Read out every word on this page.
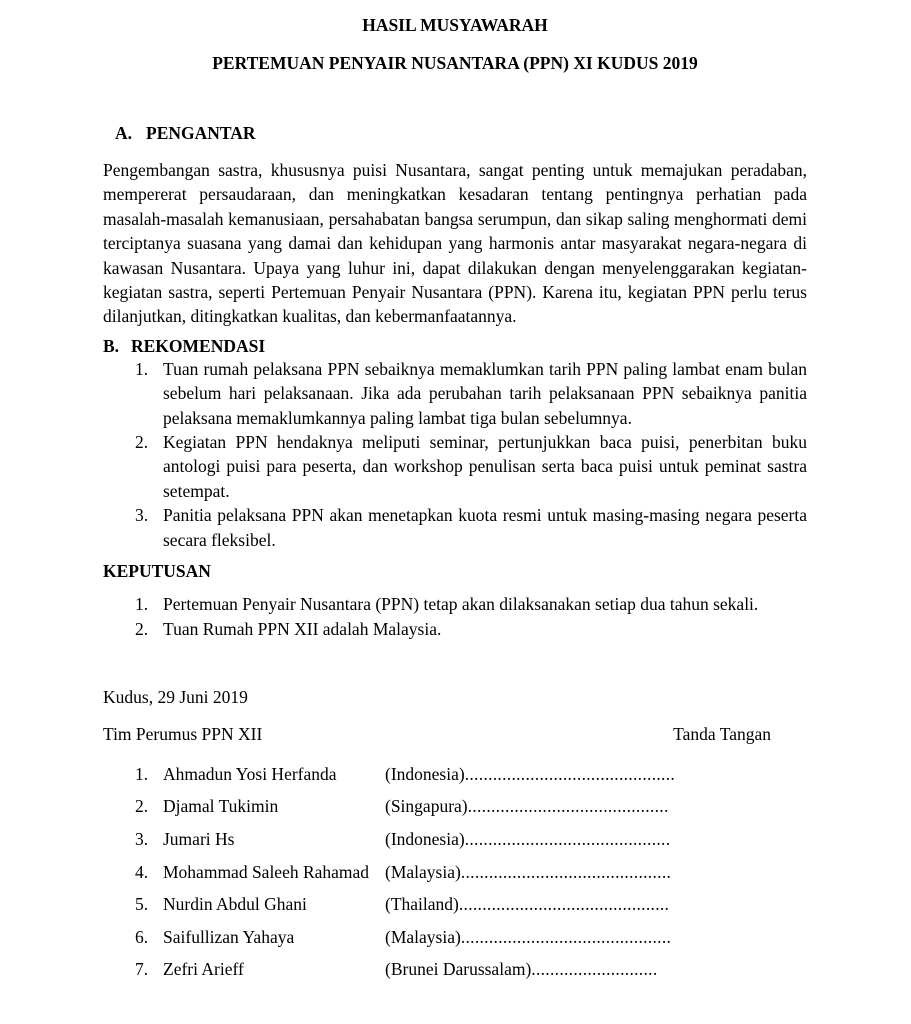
HASIL MUSYAWARAH
PERTEMUAN PENYAIR NUSANTARA (PPN) XI KUDUS 2019
A. PENGANTAR
Pengembangan sastra, khususnya puisi Nusantara, sangat penting untuk memajukan peradaban, mempererat persaudaraan, dan meningkatkan kesadaran tentang pentingnya perhatian pada masalah-masalah kemanusiaan, persahabatan bangsa serumpun, dan sikap saling menghormati demi terciptanya suasana yang damai dan kehidupan yang harmonis antar masyarakat negara-negara di kawasan Nusantara. Upaya yang luhur ini, dapat dilakukan dengan menyelenggarakan kegiatan-kegiatan sastra, seperti Pertemuan Penyair Nusantara (PPN). Karena itu, kegiatan PPN perlu terus dilanjutkan, ditingkatkan kualitas, dan kebermanfaatannya.
B. REKOMENDASI
1. Tuan rumah pelaksana PPN sebaiknya memaklumkan tarih PPN paling lambat enam bulan sebelum hari pelaksanaan. Jika ada perubahan tarih pelaksanaan PPN sebaiknya panitia pelaksana memaklumkannya paling lambat tiga bulan sebelumnya.
2. Kegiatan PPN hendaknya meliputi seminar, pertunjukkan baca puisi, penerbitan buku antologi puisi para peserta, dan workshop penulisan serta baca puisi untuk peminat sastra setempat.
3. Panitia pelaksana PPN akan menetapkan kuota resmi untuk masing-masing negara peserta secara fleksibel.
KEPUTUSAN
1. Pertemuan Penyair Nusantara (PPN) tetap akan dilaksanakan setiap dua tahun sekali.
2. Tuan Rumah PPN XII adalah Malaysia.
Kudus, 29 Juni 2019
Tim Perumus PPN XII	Tanda Tangan
1. Ahmadun Yosi Herfanda	(Indonesia) .............................................
2. Djamal Tukimin	(Singapura) ...........................................
3. Jumari Hs	(Indonesia) ............................................
4. Mohammad Saleeh Rahamad (Malaysia) .............................................
5. Nurdin Abdul Ghani	(Thailand) .............................................
6. Saifullizan Yahaya	(Malaysia) .............................................
7. Zefri Arieff	(Brunei Darussalam) ...........................
